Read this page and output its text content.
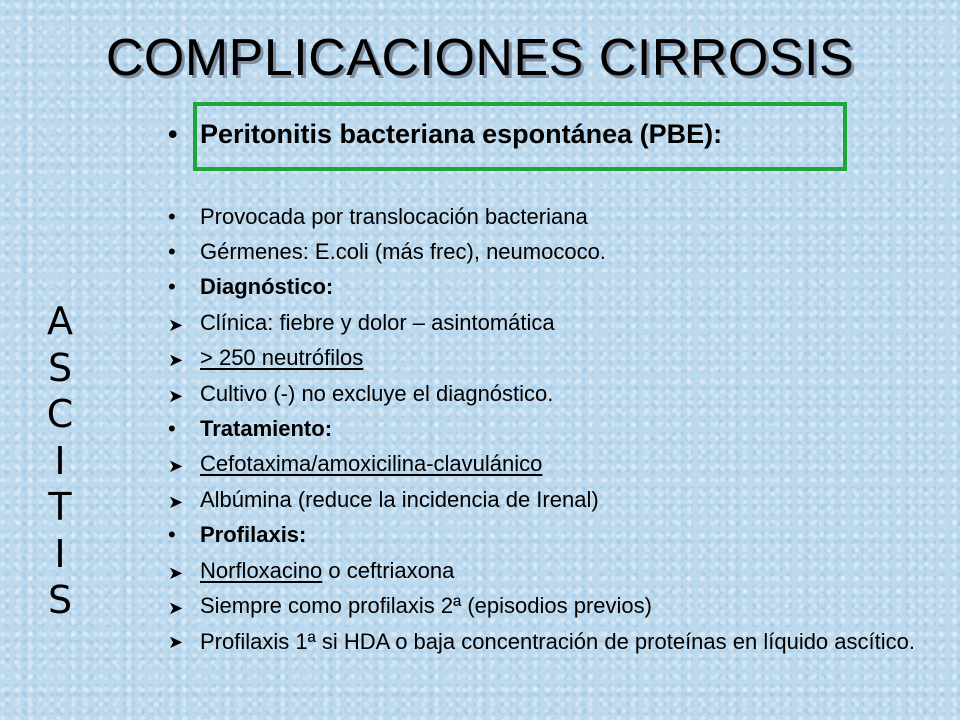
COMPLICACIONES CIRROSIS
A
S
C
I
T
I
S
•
Peritonitis bacteriana espontánea (PBE):
•
Provocada por translocación bacteriana
•
Gérmenes: E.coli (más frec), neumococo.
•
Diagnóstico:
➤
Clínica: fiebre y dolor – asintomática
➤
> 250 neutrófilos
➤
Cultivo (-) no excluye el diagnóstico.
•
Tratamiento:
➤
Cefotaxima/amoxicilina-clavulánico
➤
Albúmina (reduce la incidencia de Irenal)
•
Profilaxis:
➤
Norfloxacino o ceftriaxona
➤
Siempre como profilaxis 2ª (episodios previos)
➤
Profilaxis 1ª si HDA o baja concentración de proteínas en líquido ascítico.
